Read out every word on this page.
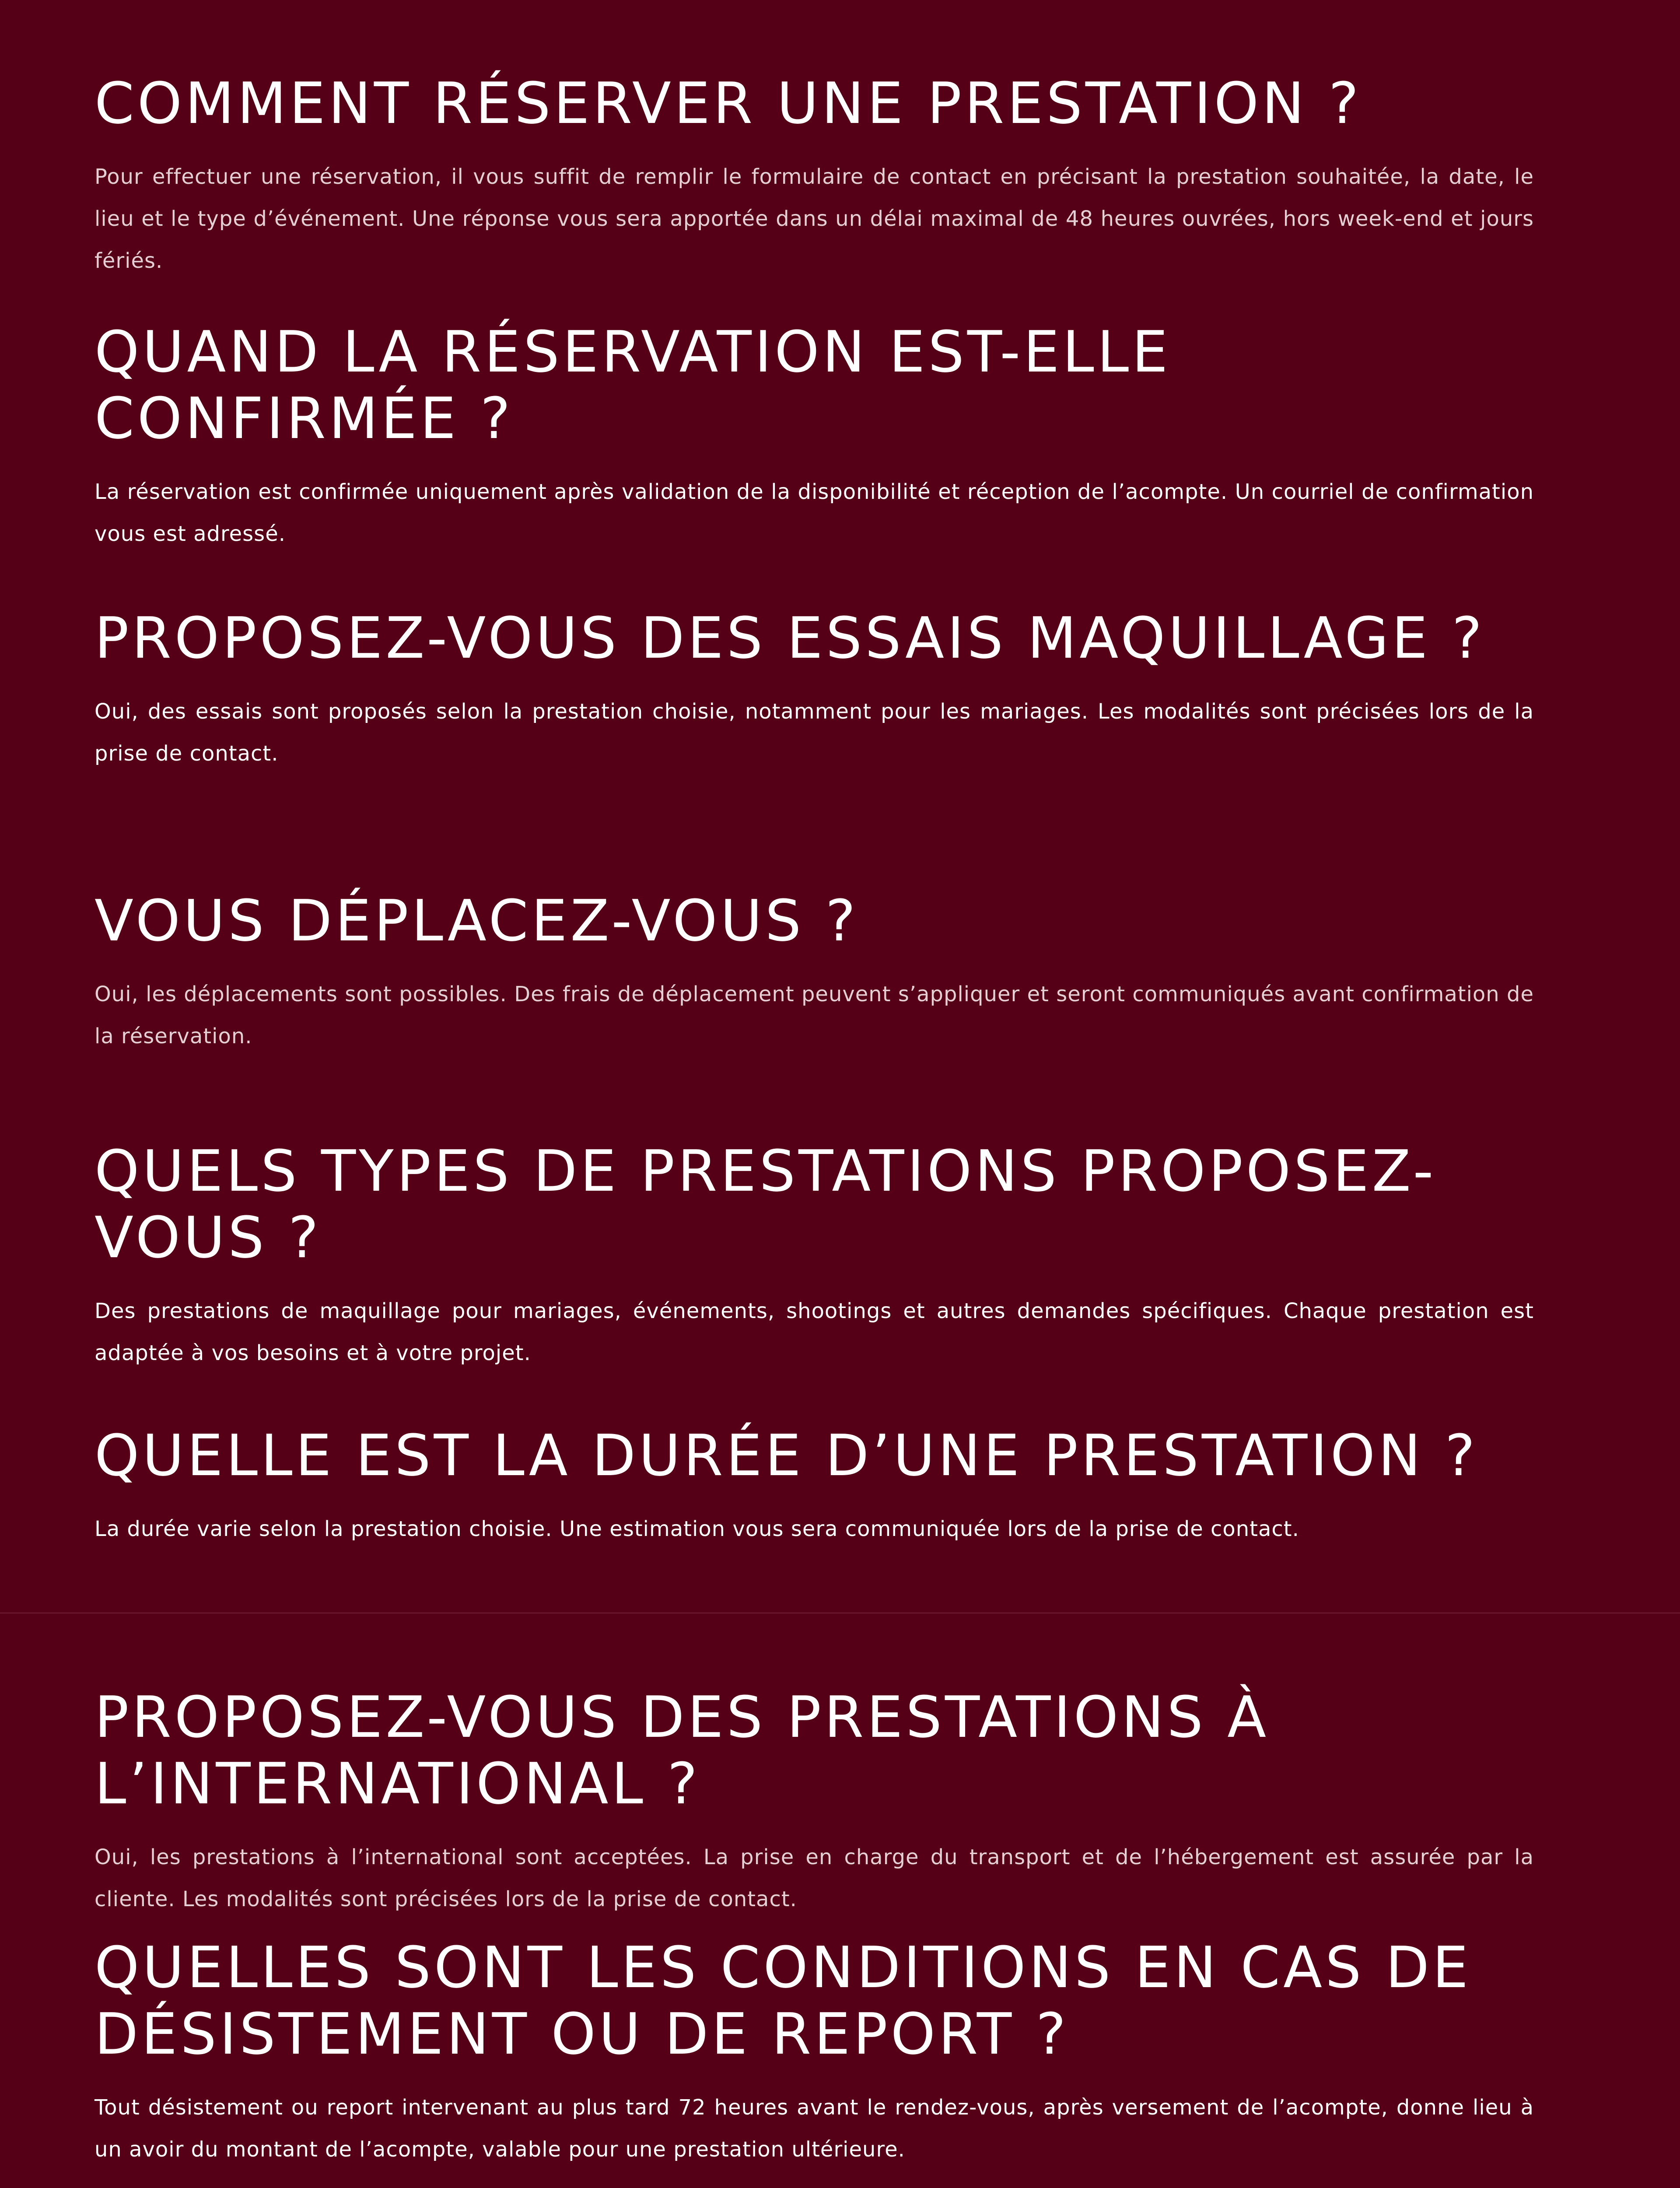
COMMENT RÉSERVER UNE PRESTATION ?

Pour effectuer une réservation, il vous suffit de remplir le formulaire de contact en précisant la prestation souhaitée, la date, le lieu et le type d’événement. Une réponse vous sera apportée dans un délai maximal de 48 heures ouvrées, hors week-end et jours fériés.

QUAND LA RÉSERVATION EST-ELLE CONFIRMÉE ?

La réservation est confirmée uniquement après validation de la disponibilité et réception de l’acompte. Un courriel de confirmation vous est adressé.

PROPOSEZ-VOUS DES ESSAIS MAQUILLAGE ?

Oui, des essais sont proposés selon la prestation choisie, notamment pour les mariages. Les modalités sont précisées lors de la prise de contact.

VOUS DÉPLACEZ-VOUS ?

Oui, les déplacements sont possibles. Des frais de déplacement peuvent s’appliquer et seront communiqués avant confirmation de la réservation.

QUELS TYPES DE PRESTATIONS PROPOSEZ-VOUS ?

Des prestations de maquillage pour mariages, événements, shootings et autres demandes spécifiques. Chaque prestation est adaptée à vos besoins et à votre projet.

QUELLE EST LA DURÉE D’UNE PRESTATION ?

La durée varie selon la prestation choisie. Une estimation vous sera communiquée lors de la prise de contact.

PROPOSEZ-VOUS DES PRESTATIONS À L’INTERNATIONAL ?

Oui, les prestations à l’international sont acceptées. La prise en charge du transport et de l’hébergement est assurée par la cliente. Les modalités sont précisées lors de la prise de contact.

QUELLES SONT LES CONDITIONS EN CAS DE DÉSISTEMENT OU DE REPORT ?

Tout désistement ou report intervenant au plus tard 72 heures avant le rendez-vous, après versement de l’acompte, donne lieu à un avoir du montant de l’acompte, valable pour une prestation ultérieure.
